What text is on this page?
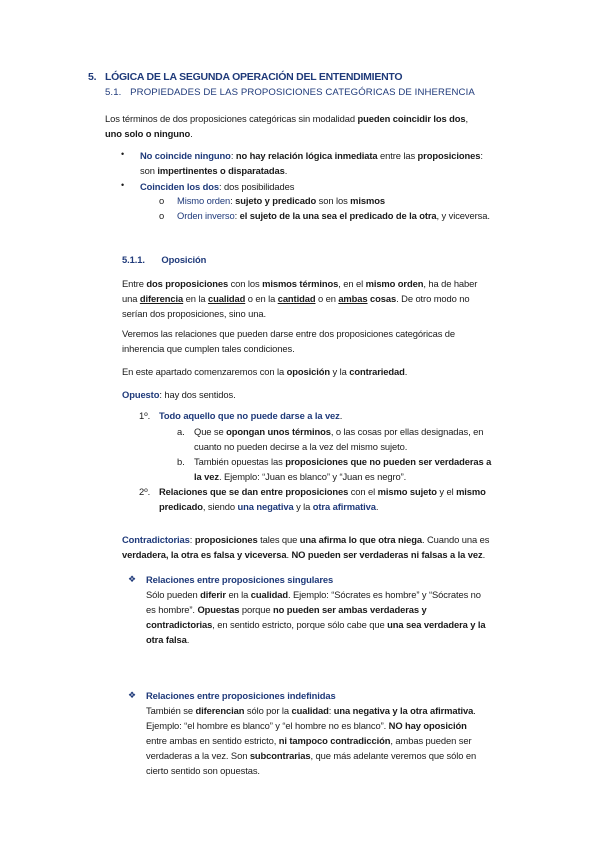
5. LÓGICA DE LA SEGUNDA OPERACIÓN DEL ENTENDIMIENTO
5.1. PROPIEDADES DE LAS PROPOSICIONES CATEGÓRICAS DE INHERENCIA
Los términos de dos proposiciones categóricas sin modalidad pueden coincidir los dos,
uno solo o ninguno.
• No coincide ninguno: no hay relación lógica inmediata entre las proposiciones:
son impertinentes o disparatadas.
• Coinciden los dos: dos posibilidades
o Mismo orden: sujeto y predicado son los mismos
o Orden inverso: el sujeto de la una sea el predicado de la otra, y viceversa.
5.1.1. Oposición
Entre dos proposiciones con los mismos términos, en el mismo orden, ha de haber
una diferencia en la cualidad o en la cantidad o en ambas cosas. De otro modo no
serían dos proposiciones, sino una.
Veremos las relaciones que pueden darse entre dos proposiciones categóricas de
inherencia que cumplen tales condiciones.
En este apartado comenzaremos con la oposición y la contrariedad.
Opuesto: hay dos sentidos.
1º. Todo aquello que no puede darse a la vez.
a. Que se opongan unos términos, o las cosas por ellas designadas, en
cuanto no pueden decirse a la vez del mismo sujeto.
b. También opuestas las proposiciones que no pueden ser verdaderas a
la vez. Ejemplo: “Juan es blanco” y “Juan es negro”.
2º. Relaciones que se dan entre proposiciones con el mismo sujeto y el mismo
predicado, siendo una negativa y la otra afirmativa.
Contradictorias: proposiciones tales que una afirma lo que otra niega. Cuando una es
verdadera, la otra es falsa y viceversa. NO pueden ser verdaderas ni falsas a la vez.
❖ Relaciones entre proposiciones singulares
Sólo pueden diferir en la cualidad. Ejemplo: “Sócrates es hombre” y “Sócrates no
es hombre”. Opuestas porque no pueden ser ambas verdaderas y
contradictorias, en sentido estricto, porque sólo cabe que una sea verdadera y la
otra falsa.
❖ Relaciones entre proposiciones indefinidas
También se diferencian sólo por la cualidad: una negativa y la otra afirmativa.
Ejemplo: “el hombre es blanco” y “el hombre no es blanco”. NO hay oposición
entre ambas en sentido estricto, ni tampoco contradicción, ambas pueden ser
verdaderas a la vez. Son subcontrarias, que más adelante veremos que sólo en
cierto sentido son opuestas.
